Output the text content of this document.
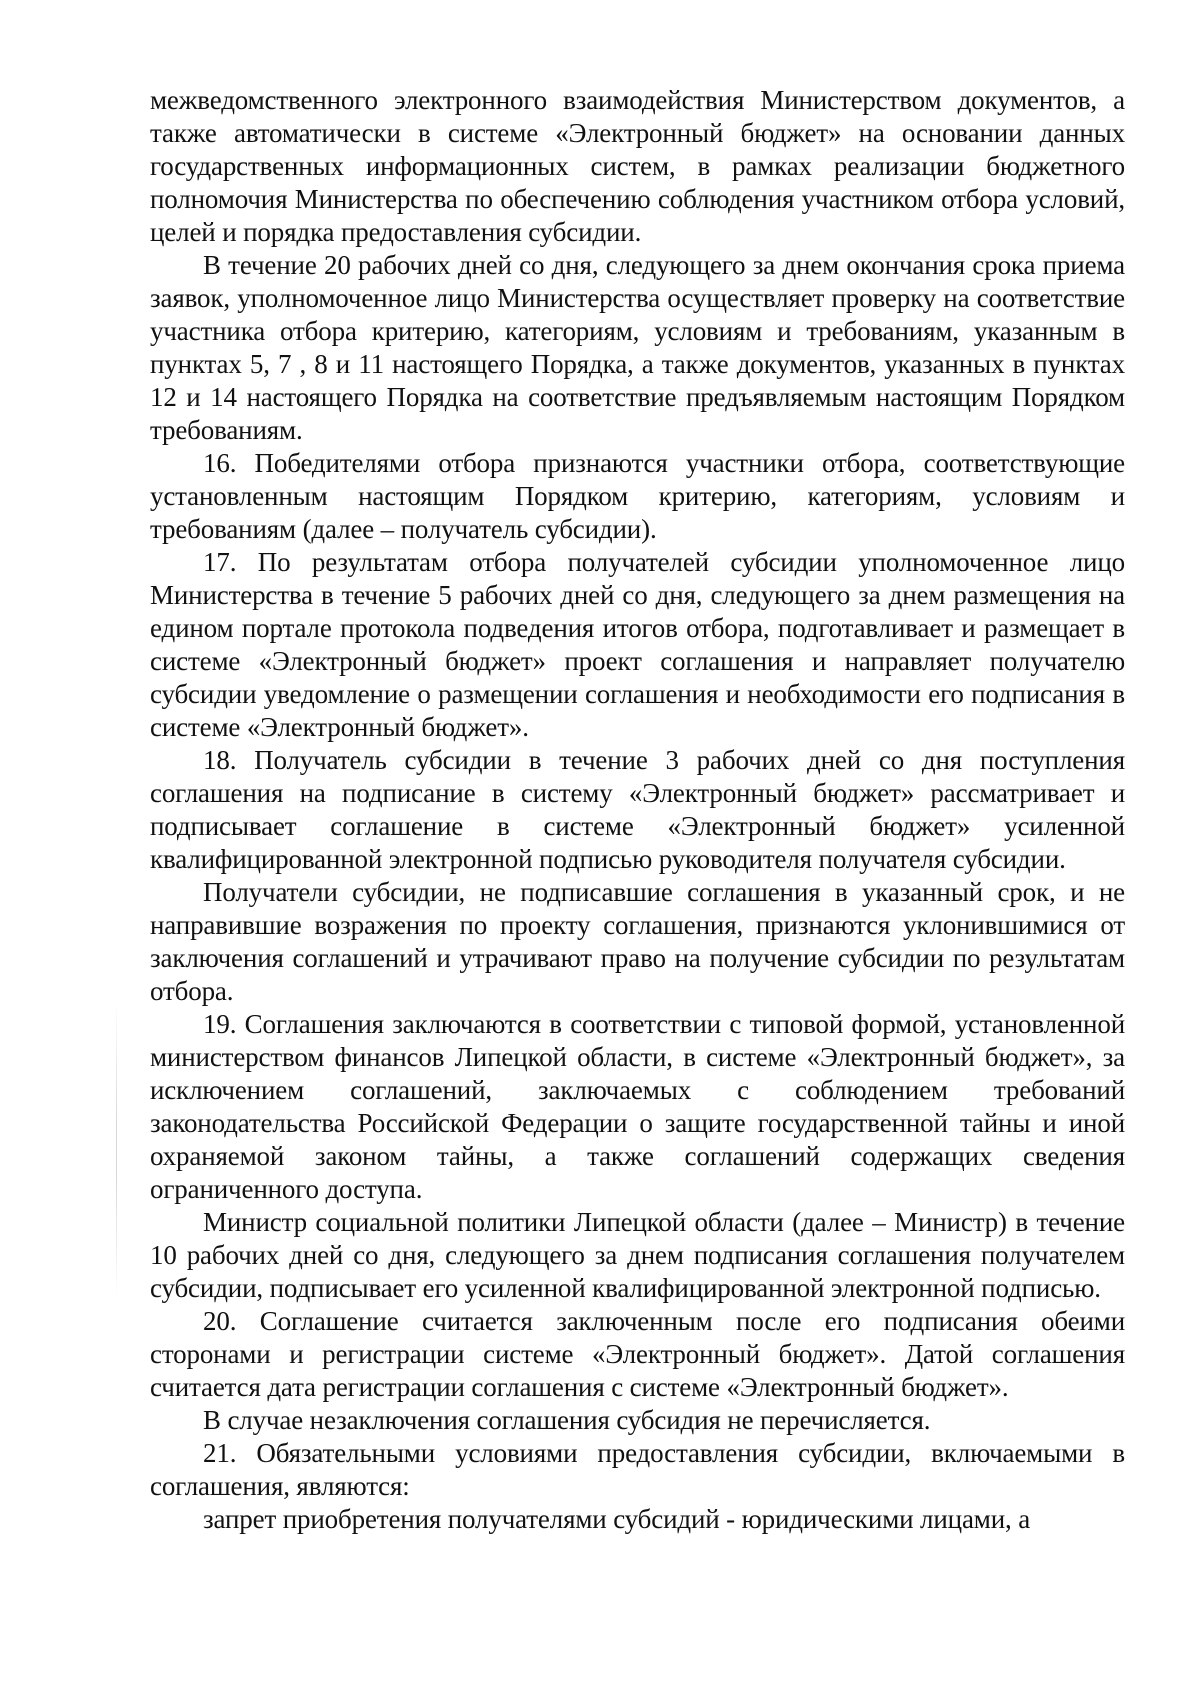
межведомственного электронного взаимодействия Министерством документов, а также автоматически в системе «Электронный бюджет» на основании данных государственных информационных систем, в рамках реализации бюджетного полномочия Министерства по обеспечению соблюдения участником отбора условий, целей и порядка предоставления субсидии.

В течение 20 рабочих дней со дня, следующего за днем окончания срока приема заявок, уполномоченное лицо Министерства осуществляет проверку на соответствие участника отбора критерию, категориям, условиям и требованиям, указанным в пунктах 5, 7 , 8 и 11 настоящего Порядка, а также документов, указанных в пунктах 12 и 14 настоящего Порядка на соответствие предъявляемым настоящим Порядком требованиям.

16. Победителями отбора признаются участники отбора, соответствующие установленным настоящим Порядком критерию, категориям, условиям и требованиям (далее – получатель субсидии).

17. По результатам отбора получателей субсидии уполномоченное лицо Министерства в течение 5 рабочих дней со дня, следующего за днем размещения на едином портале протокола подведения итогов отбора, подготавливает и размещает в системе «Электронный бюджет» проект соглашения и направляет получателю субсидии уведомление о размещении соглашения и необходимости его подписания в системе «Электронный бюджет».

18. Получатель субсидии в течение 3 рабочих дней со дня поступления соглашения на подписание в систему «Электронный бюджет» рассматривает и подписывает соглашение в системе «Электронный бюджет» усиленной квалифицированной электронной подписью руководителя получателя субсидии.

Получатели субсидии, не подписавшие соглашения в указанный срок, и не направившие возражения по проекту соглашения, признаются уклонившимися от заключения соглашений и утрачивают право на получение субсидии по результатам отбора.

19. Соглашения заключаются в соответствии с типовой формой, установленной министерством финансов Липецкой области, в системе «Электронный бюджет», за исключением соглашений, заключаемых с соблюдением требований законодательства Российской Федерации о защите государственной тайны и иной охраняемой законом тайны, а также соглашений содержащих сведения ограниченного доступа.

Министр социальной политики Липецкой области (далее – Министр) в течение 10 рабочих дней со дня, следующего за днем подписания соглашения получателем субсидии, подписывает его усиленной квалифицированной электронной подписью.

20. Соглашение считается заключенным после его подписания обеими сторонами и регистрации системе «Электронный бюджет». Датой соглашения считается дата регистрации соглашения с системе «Электронный бюджет».

В случае незаключения соглашения субсидия не перечисляется.

21. Обязательными условиями предоставления субсидии, включаемыми в соглашения, являются:

запрет приобретения получателями субсидий - юридическими лицами, а
